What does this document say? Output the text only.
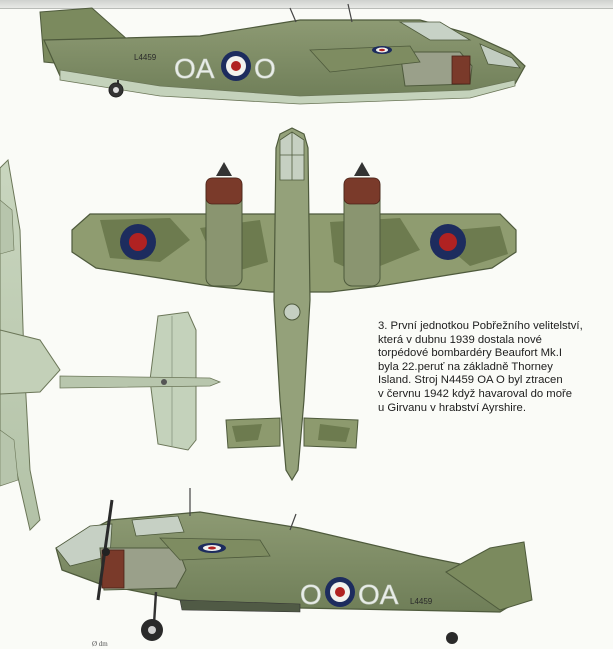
OA O
L4459
O OA L4459
Ø dm
3. První jednotkou Pobřežního velitelství,
která v dubnu 1939 dostala nové
torpédové bombardéry Beaufort Mk.I
byla 22.peruť na základně Thorney
Island. Stroj N4459 OA O byl ztracen
v červnu 1942 když havaroval do moře
u Girvanu v hrabství Ayrshire.
